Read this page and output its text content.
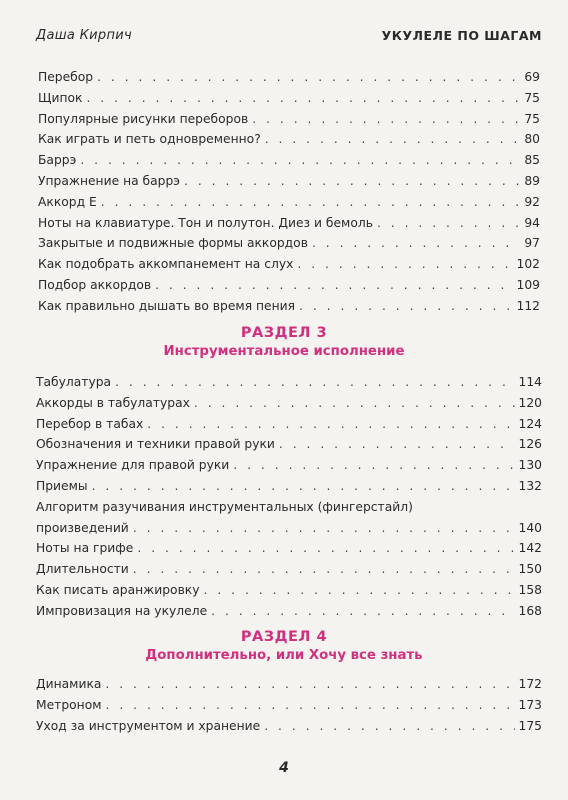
Даша Кирпич	УКУЛЕЛЕ ПО ШАГАМ
Перебор . . .	69
Щипок . . .	75
Популярные рисунки переборов . . .	75
Как играть и петь одновременно? . . .	80
Баррэ . . .	85
Упражнение на баррэ . . .	89
Аккорд E . . .	92
Ноты на клавиатуре. Тон и полутон. Диез и бемоль . . .	94
Закрытые и подвижные формы аккордов . . .	97
Как подобрать аккомпанемент на слух . . .	102
Подбор аккордов . . .	109
Как правильно дышать во время пения . . .	112
РАЗДЕЛ 3
Инструментальное исполнение
Табулатура . . .	114
Аккорды в табулатурах . . .	120
Перебор в табах . . .	124
Обозначения и техники правой руки . . .	126
Упражнение для правой руки . . .	130
Приемы . . .	132
Алгоритм разучивания инструментальных (фингерстайл)
произведений . . .	140
Ноты на грифе . . .	142
Длительности . . .	150
Как писать аранжировку . . .	158
Импровизация на укулеле . . .	168
РАЗДЕЛ 4
Дополнительно, или Хочу все знать
Динамика . . .	172
Метроном . . .	173
Уход за инструментом и хранение . . .	175
4
